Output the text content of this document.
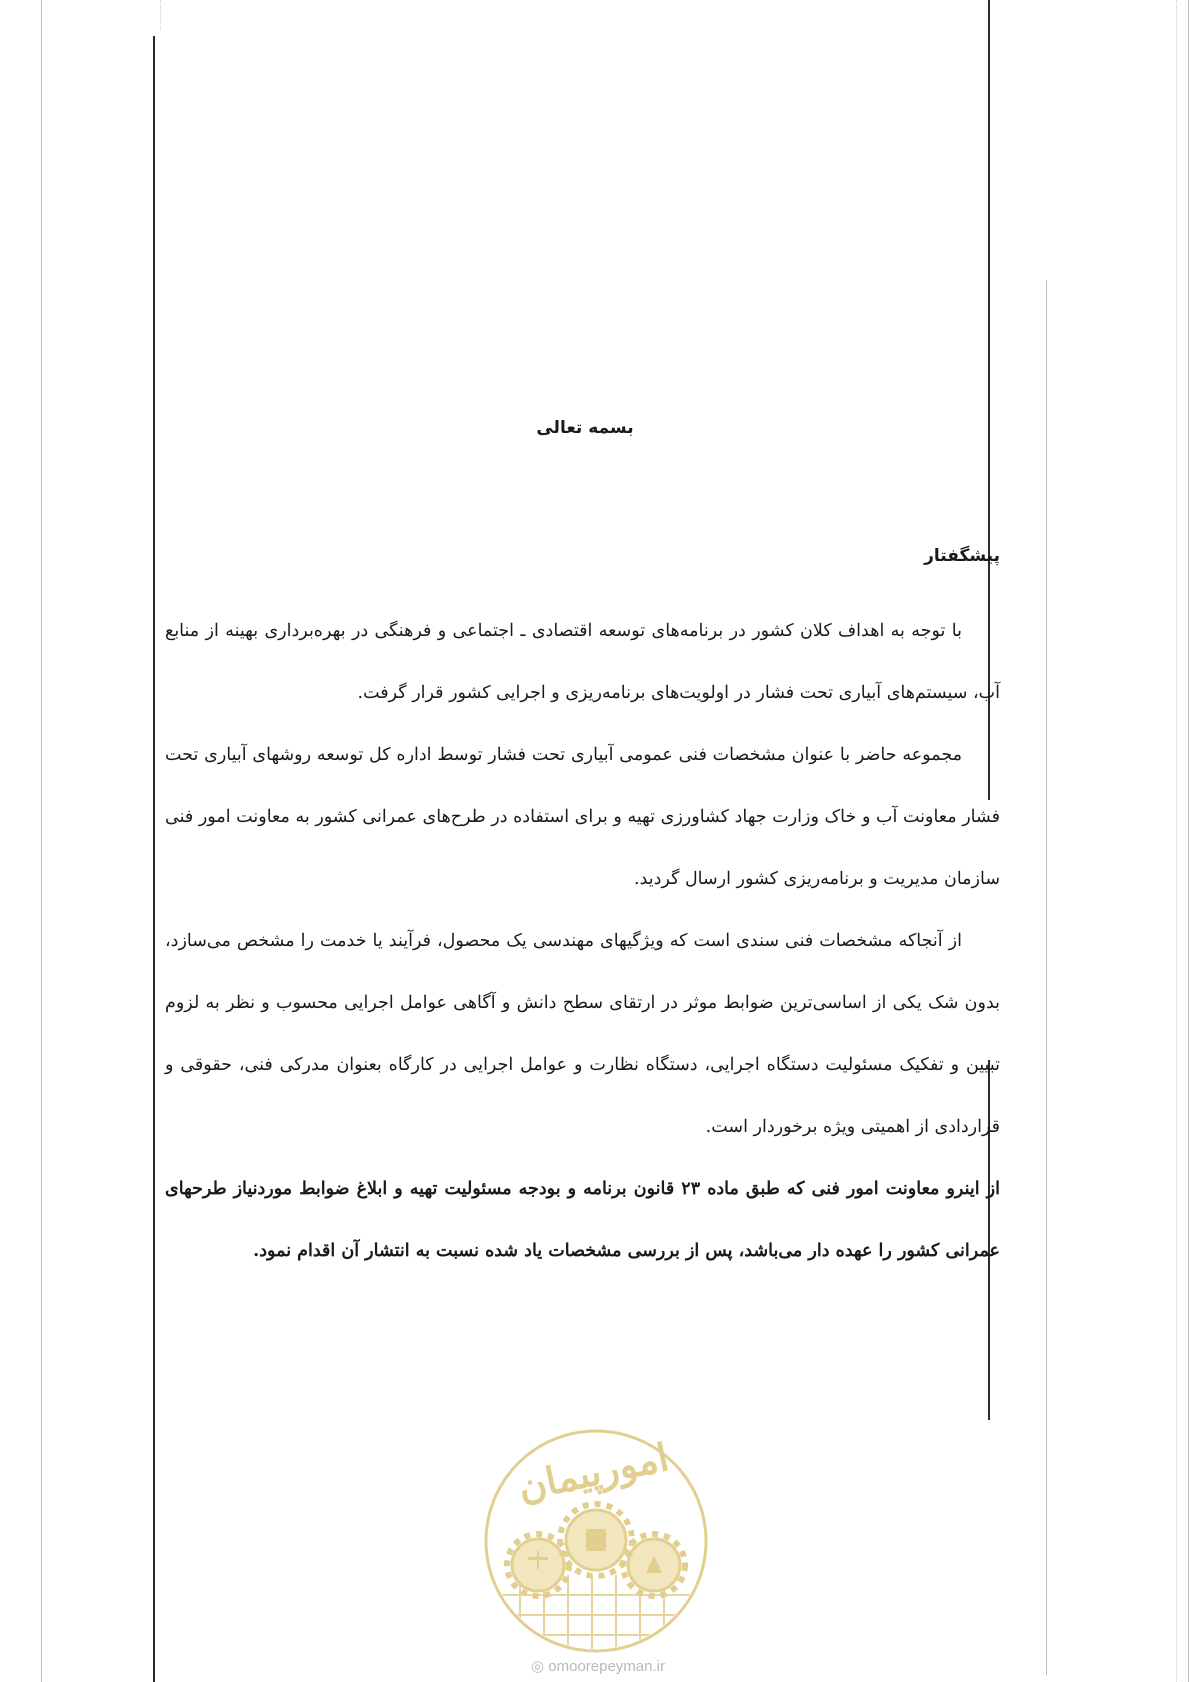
بسمه تعالی
پیشگفتار

با توجه به اهداف کلان کشور در برنامه‌های توسعه اقتصادی ـ اجتماعی و فرهنگی در بهره‌برداری بهینه از منابع آب، سیستم‌های آبیاری تحت فشار در اولویت‌های برنامه‌ریزی و اجرایی کشور قرار گرفت.

مجموعه حاضر با عنوان مشخصات فنی عمومی آبیاری تحت فشار توسط اداره کل توسعه روشهای آبیاری تحت فشار معاونت آب و خاک وزارت جهاد کشاورزی تهیه و برای استفاده در طرح‌های عمرانی کشور به معاونت امور فنی سازمان مدیریت و برنامه‌ریزی کشور ارسال گردید.

از آنجاکه مشخصات فنی سندی است که ویژگیهای مهندسی یک محصول، فرآیند یا خدمت را مشخص می‌سازد، بدون شک یکی از اساسی‌ترین ضوابط موثر در ارتقای سطح دانش و آگاهی عوامل اجرایی محسوب و نظر به لزوم تبیین و تفکیک مسئولیت دستگاه اجرایی، دستگاه نظارت و عوامل اجرایی در کارگاه بعنوان مدرکی فنی، حقوقی و قراردادی از اهمیتی ویژه برخوردار است.

از اینرو معاونت امور فنی که طبق ماده ۲۳ قانون برنامه و بودجه مسئولیت تهیه و ابلاغ ضوابط موردنیاز طرحهای عمرانی کشور را عهده دار می‌باشد، پس از بررسی مشخصات یاد شده نسبت به انتشار آن اقدام نمود.

امورپیمان
◎ omoorepeyman.ir
